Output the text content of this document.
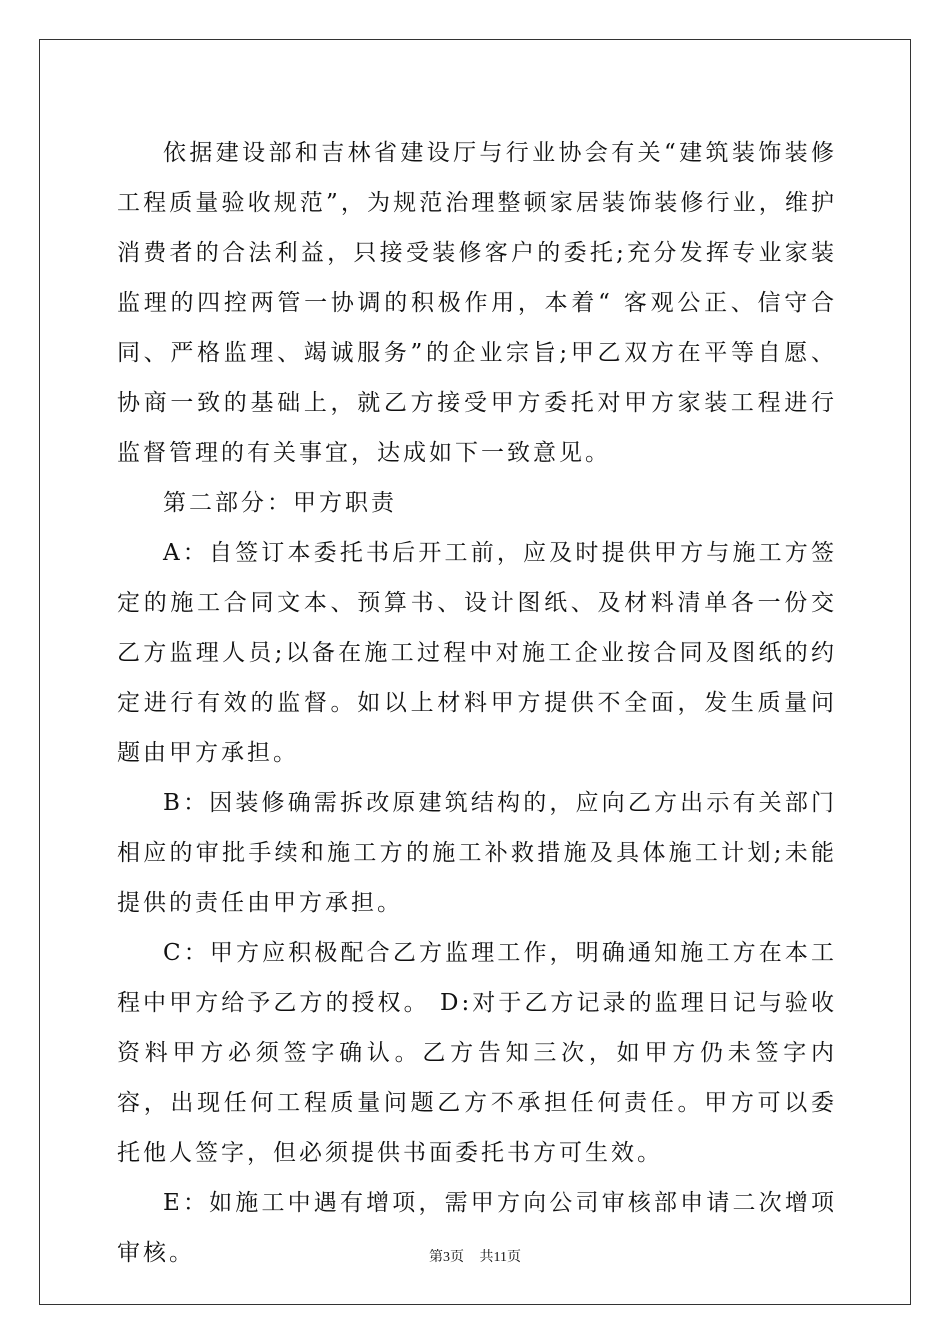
依据建设部和吉林省建设厅与行业协会有关“建筑装饰装修工程质量验收规范”，为规范治理整顿家居装饰装修行业，维护消费者的合法利益，只接受装修客户的委托;充分发挥专业家装监理的四控两管一协调的积极作用，本着“ 客观公正、信守合同、严格监理、竭诚服务”的企业宗旨;甲乙双方在平等自愿、协商一致的基础上，就乙方接受甲方委托对甲方家装工程进行监督管理的有关事宜，达成如下一致意见。

第二部分：甲方职责

A：自签订本委托书后开工前，应及时提供甲方与施工方签定的施工合同文本、预算书、设计图纸、及材料清单各一份交乙方监理人员;以备在施工过程中对施工企业按合同及图纸的约定进行有效的监督。如以上材料甲方提供不全面，发生质量问题由甲方承担。

B：因装修确需拆改原建筑结构的，应向乙方出示有关部门相应的审批手续和施工方的施工补救措施及具体施工计划;未能提供的责任由甲方承担。

C：甲方应积极配合乙方监理工作，明确通知施工方在本工程中甲方给予乙方的授权。 D:对于乙方记录的监理日记与验收资料甲方必须签字确认。乙方告知三次，如甲方仍未签字内容，出现任何工程质量问题乙方不承担任何责任。甲方可以委托他人签字，但必须提供书面委托书方可生效。

E：如施工中遇有增项，需甲方向公司审核部申请二次增项审核。	第3页 共11页
